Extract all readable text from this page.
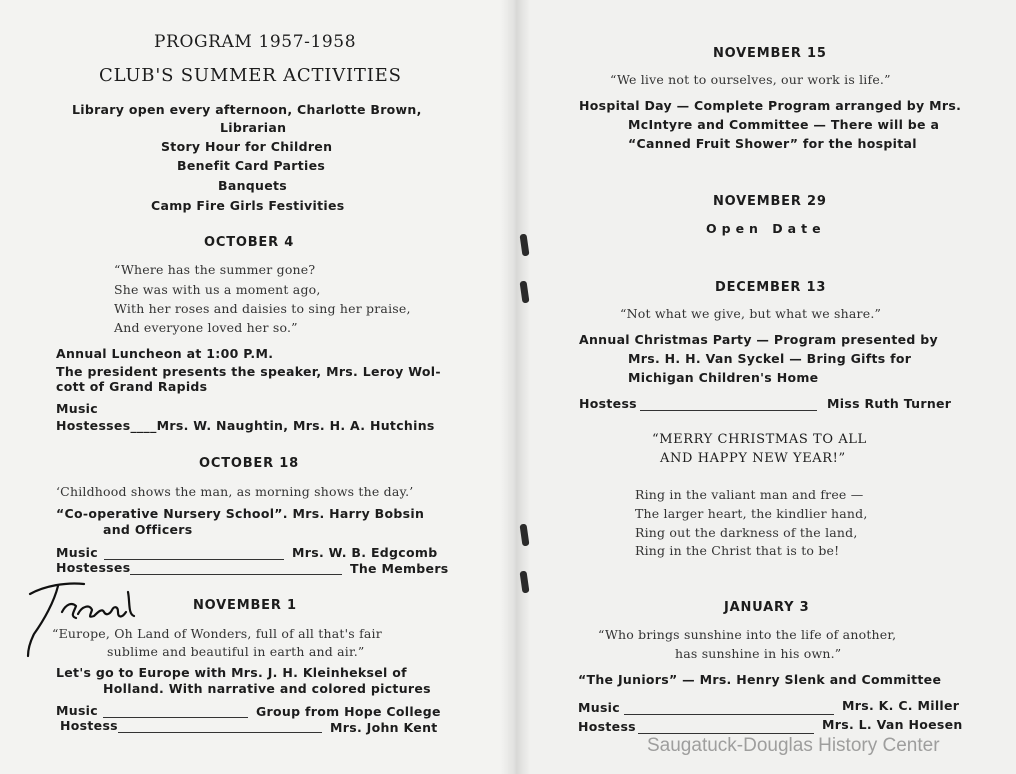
PROGRAM 1957-1958

CLUB'S SUMMER ACTIVITIES

Library open every afternoon, Charlotte Brown,

Librarian

Story Hour for Children

Benefit Card Parties

Banquets

Camp Fire Girls Festivities

OCTOBER 4

“Where has the summer gone?

She was with us a moment ago,

With her roses and daisies to sing her praise,

And everyone loved her so.”

Annual Luncheon at 1:00 P.M.

The president presents the speaker, Mrs. Leroy Wol-

cott of Grand Rapids

Music

Hostesses____Mrs. W. Naughtin, Mrs. H. A. Hutchins

OCTOBER 18

‘Childhood shows the man, as morning shows the day.’

“Co-operative Nursery School”. Mrs. Harry Bobsin

and Officers

Music	Mrs. W. B. Edgcomb

Hostesses	The Members

NOVEMBER 1

“Europe, Oh Land of Wonders, full of all that's fair

sublime and beautiful in earth and air.”

Let's go to Europe with Mrs. J. H. Kleinheksel of

Holland. With narrative and colored pictures

Music	Group from Hope College

Hostess	Mrs. John Kent

NOVEMBER 15

“We live not to ourselves, our work is life.”

Hospital Day — Complete Program arranged by Mrs.

McIntyre and Committee — There will be a

“Canned Fruit Shower” for the hospital

NOVEMBER 29

Open Date

DECEMBER 13

“Not what we give, but what we share.”

Annual Christmas Party — Program presented by

Mrs. H. H. Van Syckel — Bring Gifts for

Michigan Children's Home

Hostess	Miss Ruth Turner

“MERRY CHRISTMAS TO ALL

AND HAPPY NEW YEAR!”

Ring in the valiant man and free —

The larger heart, the kindlier hand,

Ring out the darkness of the land,

Ring in the Christ that is to be!

JANUARY 3

“Who brings sunshine into the life of another,

has sunshine in his own.”

“The Juniors” — Mrs. Henry Slenk and Committee

Music	Mrs. K. C. Miller

Hostess	Mrs. L. Van Hoesen

Saugatuck-Douglas History Center
